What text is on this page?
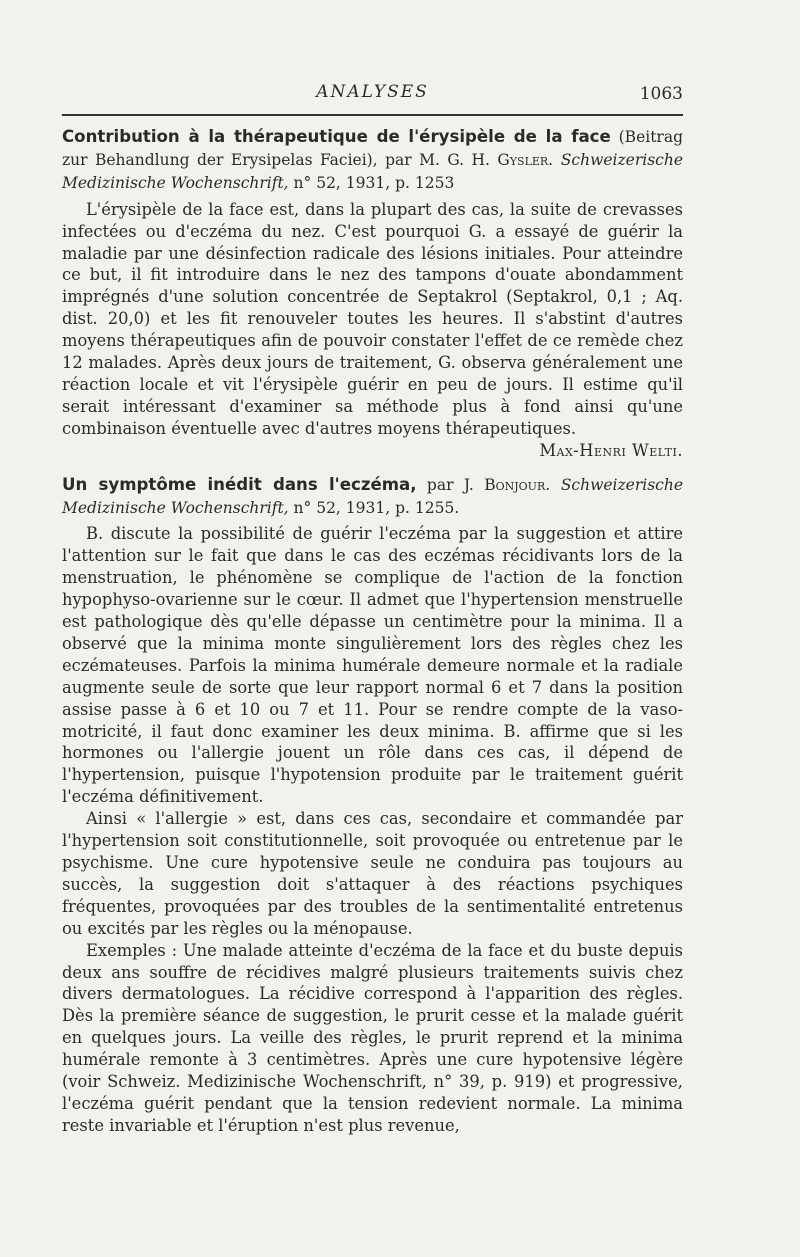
ANALYSES	1063

Contribution à la thérapeutique de l'érysipèle de la face (Beitrag zur Behandlung der Erysipelas Faciei), par M. G. H. Gysler. Schweizerische Medizinische Wochenschrift, n° 52, 1931, p. 1253

L'érysipèle de la face est, dans la plupart des cas, la suite de crevasses infectées ou d'eczéma du nez. C'est pourquoi G. a essayé de guérir la maladie par une désinfection radicale des lésions initiales. Pour atteindre ce but, il fit introduire dans le nez des tampons d'ouate abondamment imprégnés d'une solution concentrée de Septakrol (Septakrol, 0,1 ; Aq. dist. 20,0) et les fit renouveler toutes les heures. Il s'abstint d'autres moyens thérapeutiques afin de pouvoir constater l'effet de ce remède chez 12 malades. Après deux jours de traitement, G. observa généralement une réaction locale et vit l'érysipèle guérir en peu de jours. Il estime qu'il serait intéressant d'examiner sa méthode plus à fond ainsi qu'une combinaison éventuelle avec d'autres moyens thérapeutiques.

Max-Henri Welti.

Un symptôme inédit dans l'eczéma, par J. Bonjour. Schweizerische Medizinische Wochenschrift, n° 52, 1931, p. 1255.

B. discute la possibilité de guérir l'eczéma par la suggestion et attire l'attention sur le fait que dans le cas des eczémas récidivants lors de la menstruation, le phénomène se complique de l'action de la fonction hypophyso-ovarienne sur le cœur. Il admet que l'hypertension menstruelle est pathologique dès qu'elle dépasse un centimètre pour la minima. Il a observé que la minima monte singulièrement lors des règles chez les eczémateuses. Parfois la minima humérale demeure normale et la radiale augmente seule de sorte que leur rapport normal 6 et 7 dans la position assise passe à 6 et 10 ou 7 et 11. Pour se rendre compte de la vaso-motricité, il faut donc examiner les deux minima. B. affirme que si les hormones ou l'allergie jouent un rôle dans ces cas, il dépend de l'hypertension, puisque l'hypotension produite par le traitement guérit l'eczéma définitivement.

Ainsi « l'allergie » est, dans ces cas, secondaire et commandée par l'hypertension soit constitutionnelle, soit provoquée ou entretenue par le psychisme. Une cure hypotensive seule ne conduira pas toujours au succès, la suggestion doit s'attaquer à des réactions psychiques fréquentes, provoquées par des troubles de la sentimentalité entretenus ou excités par les règles ou la ménopause.

Exemples : Une malade atteinte d'eczéma de la face et du buste depuis deux ans souffre de récidives malgré plusieurs traitements suivis chez divers dermatologues. La récidive correspond à l'apparition des règles. Dès la première séance de suggestion, le prurit cesse et la malade guérit en quelques jours. La veille des règles, le prurit reprend et la minima humérale remonte à 3 centimètres. Après une cure hypotensive légère (voir Schweiz. Medizinische Wochenschrift, n° 39, p. 919) et progressive, l'eczéma guérit pendant que la tension redevient normale. La minima reste invariable et l'éruption n'est plus revenue,
